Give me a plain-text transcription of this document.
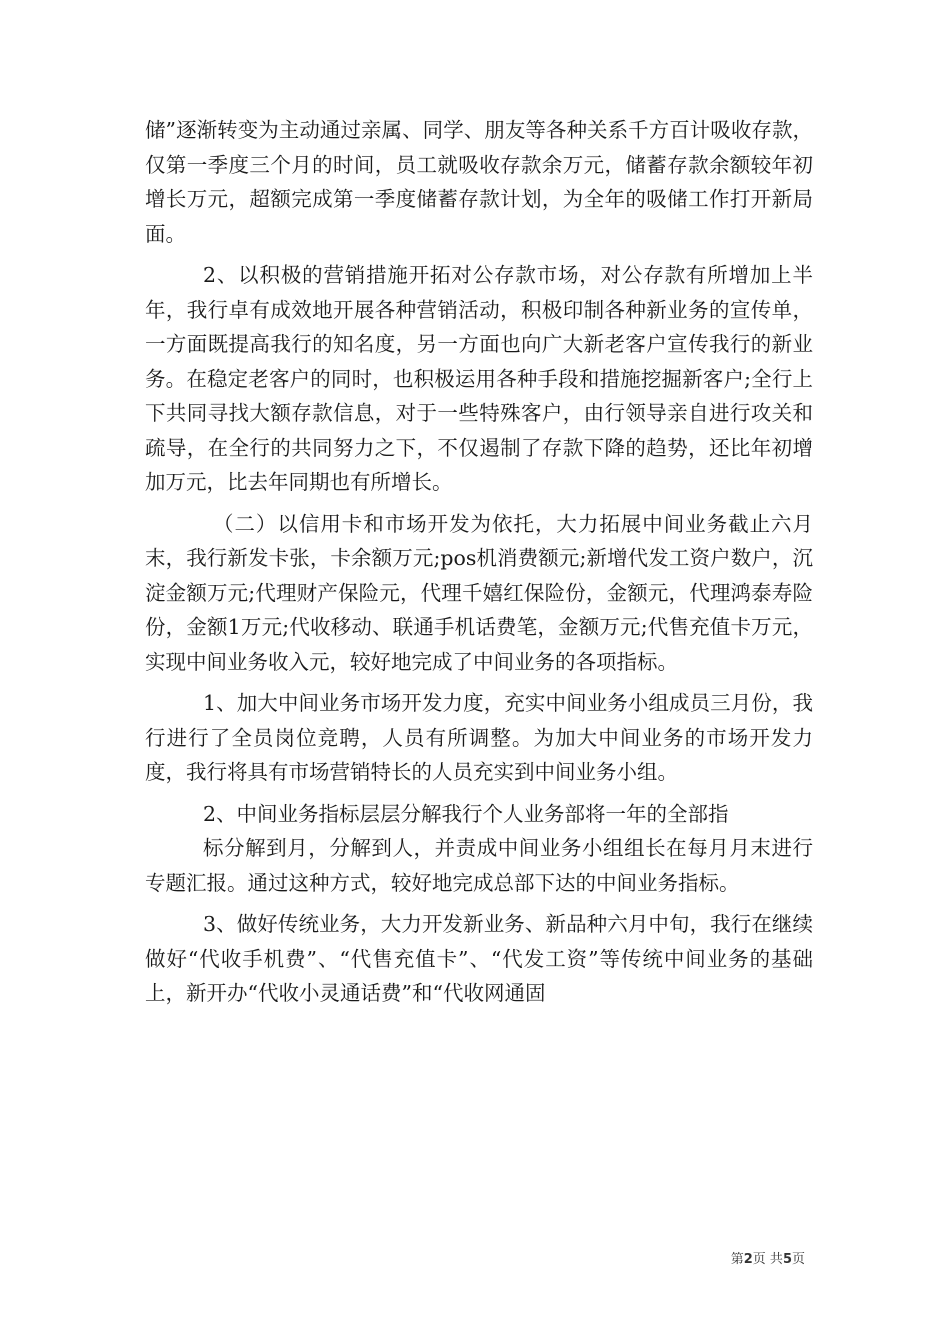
储”逐渐转变为主动通过亲属、同学、朋友等各种关系千方百计吸收存款，仅第一季度三个月的时间，员工就吸收存款余万元，储蓄存款余额较年初增长万元，超额完成第一季度储蓄存款计划，为全年的吸储工作打开新局面。

2、以积极的营销措施开拓对公存款市场，对公存款有所增加上半年，我行卓有成效地开展各种营销活动，积极印制各种新业务的宣传单，一方面既提高我行的知名度，另一方面也向广大新老客户宣传我行的新业务。在稳定老客户的同时，也积极运用各种手段和措施挖掘新客户;全行上下共同寻找大额存款信息，对于一些特殊客户，由行领导亲自进行攻关和疏导，在全行的共同努力之下，不仅遏制了存款下降的趋势，还比年初增加万元，比去年同期也有所增长。

（二）以信用卡和市场开发为依托，大力拓展中间业务截止六月末，我行新发卡张，卡余额万元;pos机消费额元;新增代发工资户数户，沉淀金额万元;代理财产保险元，代理千嬉红保险份，金额元，代理鸿泰寿险份，金额1万元;代收移动、联通手机话费笔，金额万元;代售充值卡万元，实现中间业务收入元，较好地完成了中间业务的各项指标。

1、加大中间业务市场开发力度，充实中间业务小组成员三月份，我行进行了全员岗位竞聘，人员有所调整。为加大中间业务的市场开发力度，我行将具有市场营销特长的人员充实到中间业务小组。

2、中间业务指标层层分解我行个人业务部将一年的全部指

标分解到月，分解到人，并责成中间业务小组组长在每月月末进行专题汇报。通过这种方式，较好地完成总部下达的中间业务指标。

3、做好传统业务，大力开发新业务、新品种六月中旬，我行在继续做好“代收手机费”、“代售充值卡”、“代发工资”等传统中间业务的基础上，新开办“代收小灵通话费”和“代收网通固

第2页 共5页
